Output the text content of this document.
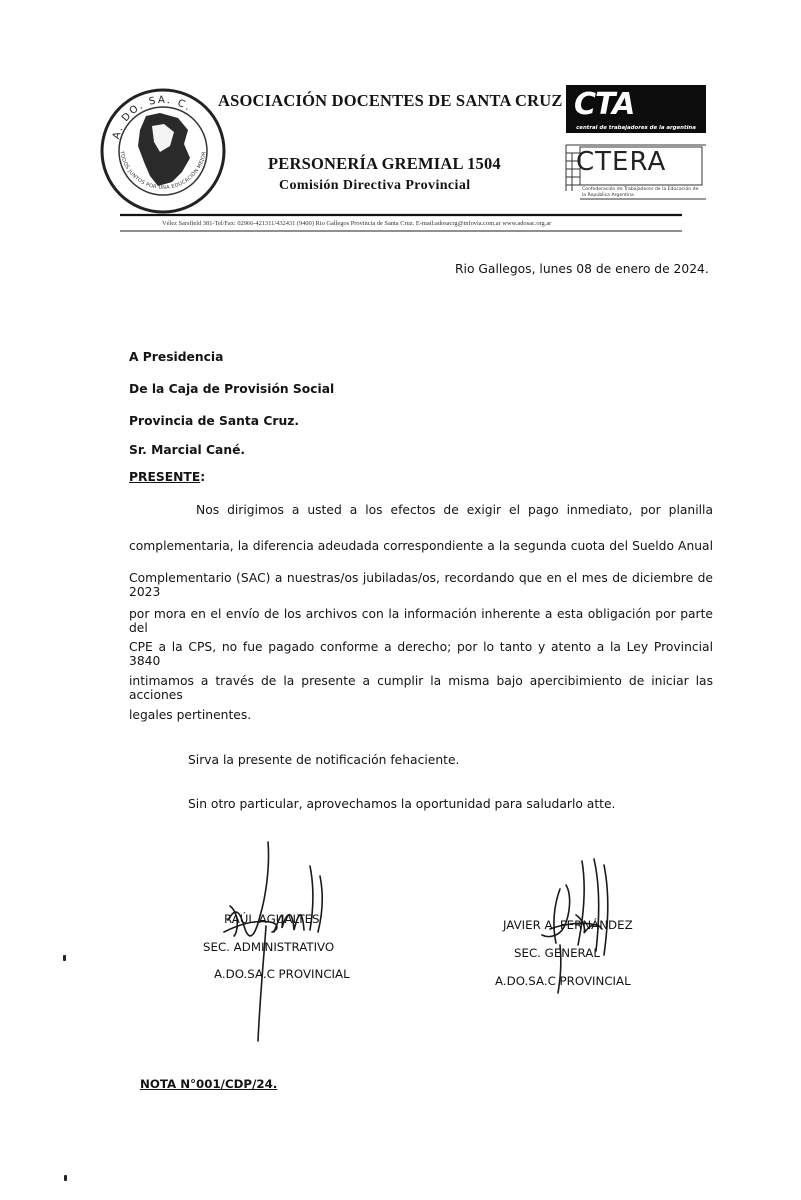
A. DO. SA. C.
TODOS JUNTOS POR UNA EDUCACIÓN MEJOR
ASOCIACIÓN DOCENTES DE SANTA CRUZ
PERSONERÍA GREMIAL 1504
Comisión Directiva Provincial
CTA
central de trabajadores de la argentina
CTERA
Confederación de Trabajadores de la Educación de la República Argentina
Vélez Sarsfield 381-Tel/Fax: 02966-421311/432431 (9400) Rio Gallegos Provincia de Santa Cruz. E-mail:adosacrg@infovia.com.ar www.adosac.org.ar
Rio Gallegos, lunes 08 de enero de 2024.
A Presidencia
De la Caja de Provisión Social
Provincia de Santa Cruz.
Sr. Marcial Cané.
PRESENTE:
Nos dirigimos a usted a los efectos de exigir el pago inmediato, por planilla
complementaria, la diferencia adeudada correspondiente a la segunda cuota del Sueldo Anual
Complementario (SAC) a nuestras/os jubiladas/os, recordando que en el mes de diciembre de 2023
por mora en el envío de los archivos con la información inherente a esta obligación por parte del
CPE a la CPS, no fue pagado conforme a derecho; por lo tanto y atento a la Ley Provincial 3840
intimamos a través de la presente a cumplir la misma bajo apercibimiento de iniciar las acciones
legales pertinentes.
Sirva la presente de notificación fehaciente.
Sin otro particular, aprovechamos la oportunidad para saludarlo atte.
RAÚL AGUALTES
SEC. ADMINISTRATIVO
A.DO.SA.C PROVINCIAL
JAVIER A. FERNÁNDEZ
SEC. GENERAL
A.DO.SA.C PROVINCIAL
NOTA N°001/CDP/24.
